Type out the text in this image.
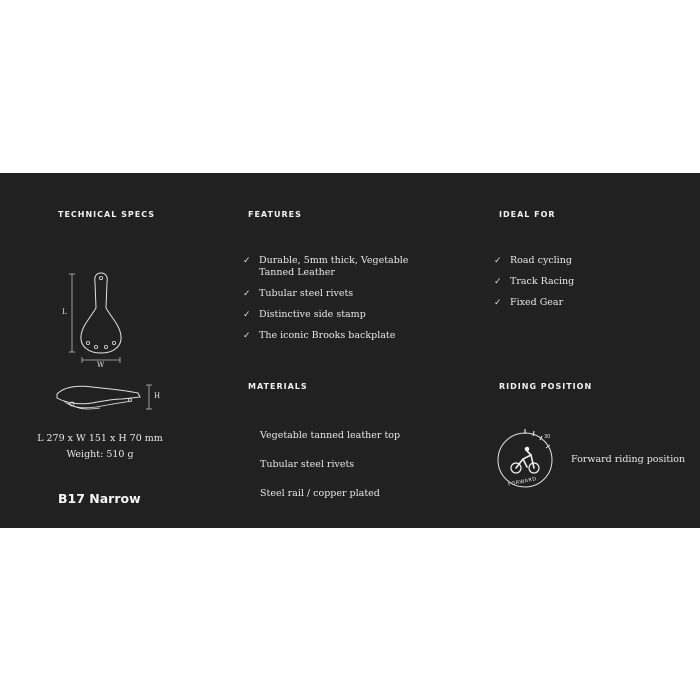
TECHNICAL SPECS
L
W
H
L 279 x W 151 x H 70 mm
Weight: 510 g
B17 Narrow
FEATURES
✓ Durable, 5mm thick, Vegetable Tanned Leather
✓ Tubular steel rivets
✓ Distinctive side stamp
✓ The iconic Brooks backplate
MATERIALS
Vegetable tanned leather top
Tubular steel rivets
Steel rail / copper plated
IDEAL FOR
✓ Road cycling
✓ Track Racing
✓ Fixed Gear
RIDING POSITION
30
FORWARD
Forward riding position
